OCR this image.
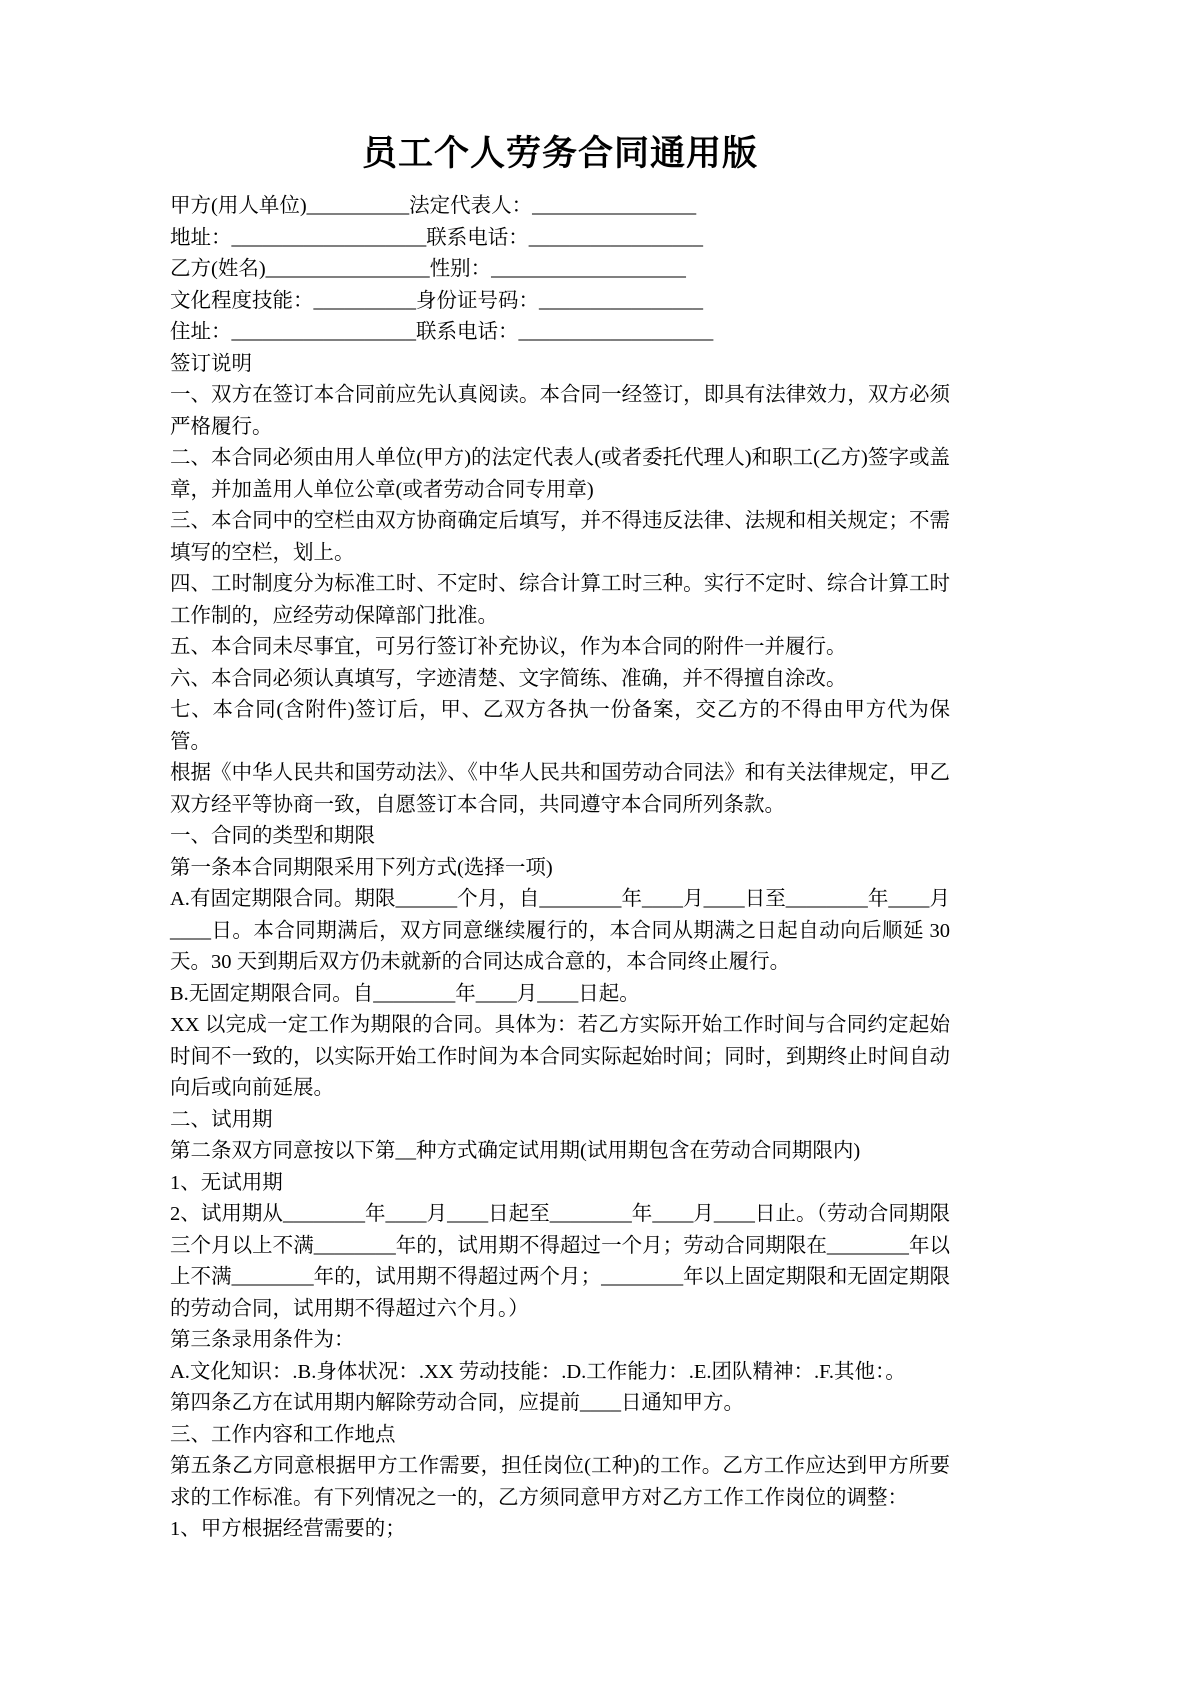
员工个人劳务合同通用版
甲方(用人单位)__________法定代表人：________________
地址：___________________联系电话：_________________
乙方(姓名)________________性别：___________________
文化程度技能：__________身份证号码：________________
住址：__________________联系电话：___________________
签订说明
一、双方在签订本合同前应先认真阅读。本合同一经签订，即具有法律效力，双方必须严格履行。
二、本合同必须由用人单位(甲方)的法定代表人(或者委托代理人)和职工(乙方)签字或盖章，并加盖用人单位公章(或者劳动合同专用章)
三、本合同中的空栏由双方协商确定后填写，并不得违反法律、法规和相关规定；不需填写的空栏，划上。
四、工时制度分为标准工时、不定时、综合计算工时三种。实行不定时、综合计算工时工作制的，应经劳动保障部门批准。
五、本合同未尽事宜，可另行签订补充协议，作为本合同的附件一并履行。
六、本合同必须认真填写，字迹清楚、文字简练、准确，并不得擅自涂改。
七、本合同(含附件)签订后，甲、乙双方各执一份备案，交乙方的不得由甲方代为保管。
根据《中华人民共和国劳动法》、《中华人民共和国劳动合同法》和有关法律规定，甲乙双方经平等协商一致，自愿签订本合同，共同遵守本合同所列条款。
一、合同的类型和期限
第一条本合同期限采用下列方式(选择一项)
A.有固定期限合同。期限______个月，自________年____月____日至________年____月___​_日。本合同期满后，双方同意继续履行的，本合同从期满之日起自动向后顺延 30 天。30 天到期后双方仍未就新的合同达成合意的，本合同终止履行。
B.无固定期限合同。自________年____月____日起。
XX 以完成一定工作为期限的合同。具体为：若乙方实际开始工作时间与合同约定起始时间不一致的，以实际开始工作时间为本合同实际起始时间；同时，到期终止时间自动向后或向前延展。
二、试用期
第二条双方同意按以下第__种方式确定试用期(试用期包含在劳动合同期限内)
1、无试用期
2、试用期从________年____月____日起至________年____月____日止。（劳动合同期限三个月以上不满________年的，试用期不得超过一个月；劳动合同期限在________年以上不满________年的，试用期不得超过两个月；________年以上固定期限和无固定期限的劳动合同，试用期不得超过六个月。）
第三条录用条件为：
A.文化知识：.B.身体状况：.XX 劳动技能：.D.工作能力：.E.团队精神：.F.其他：。
第四条乙方在试用期内解除劳动合同，应提前____日通知甲方。
三、工作内容和工作地点
第五条乙方同意根据甲方工作需要，担任岗位(工种)的工作。乙方工作应达到甲方所要求的工作标准。有下列情况之一的，乙方须同意甲方对乙方工作工作岗位的调整：
1、甲方根据经营需要的；
